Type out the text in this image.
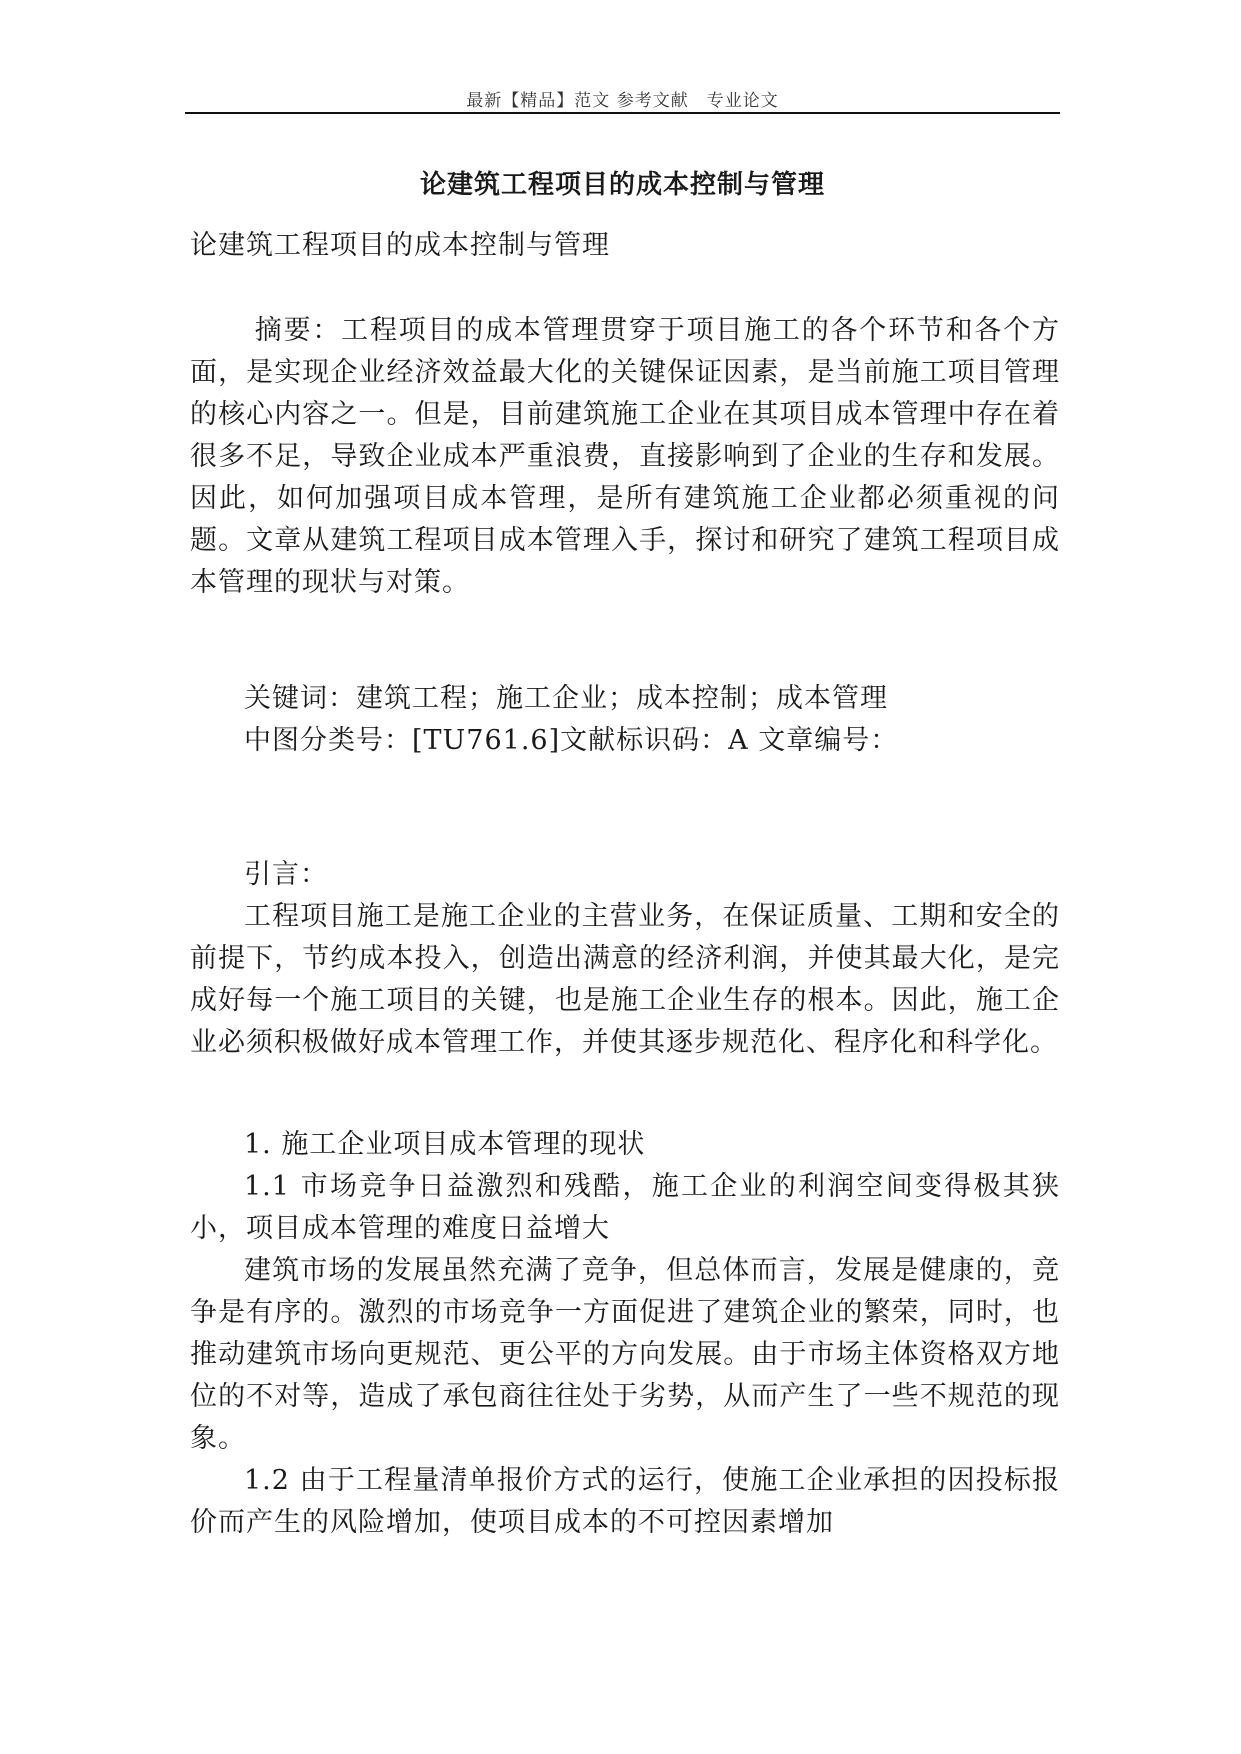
最新【精品】范文 参考文献　专业论文
论建筑工程项目的成本控制与管理
论建筑工程项目的成本控制与管理

摘要：工程项目的成本管理贯穿于项目施工的各个环节和各个方面，是实现企业经济效益最大化的关键保证因素，是当前施工项目管理的核心内容之一。但是，目前建筑施工企业在其项目成本管理中存在着很多不足，导致企业成本严重浪费，直接影响到了企业的生存和发展。因此，如何加强项目成本管理，是所有建筑施工企业都必须重视的问题。文章从建筑工程项目成本管理入手，探讨和研究了建筑工程项目成本管理的现状与对策。

关键词：建筑工程；施工企业；成本控制；成本管理

中图分类号：[TU761.6]文献标识码：A 文章编号：

引言：

工程项目施工是施工企业的主营业务，在保证质量、工期和安全的前提下，节约成本投入，创造出满意的经济利润，并使其最大化，是完成好每一个施工项目的关键，也是施工企业生存的根本。因此，施工企业必须积极做好成本管理工作，并使其逐步规范化、程序化和科学化。

1. 施工企业项目成本管理的现状

1.1 市场竞争日益激烈和残酷，施工企业的利润空间变得极其狭小，项目成本管理的难度日益增大

建筑市场的发展虽然充满了竞争，但总体而言，发展是健康的，竞争是有序的。激烈的市场竞争一方面促进了建筑企业的繁荣，同时，也推动建筑市场向更规范、更公平的方向发展。由于市场主体资格双方地位的不对等，造成了承包商往往处于劣势，从而产生了一些不规范的现象。

1.2 由于工程量清单报价方式的运行，使施工企业承担的因投标报价而产生的风险增加，使项目成本的不可控因素增加
